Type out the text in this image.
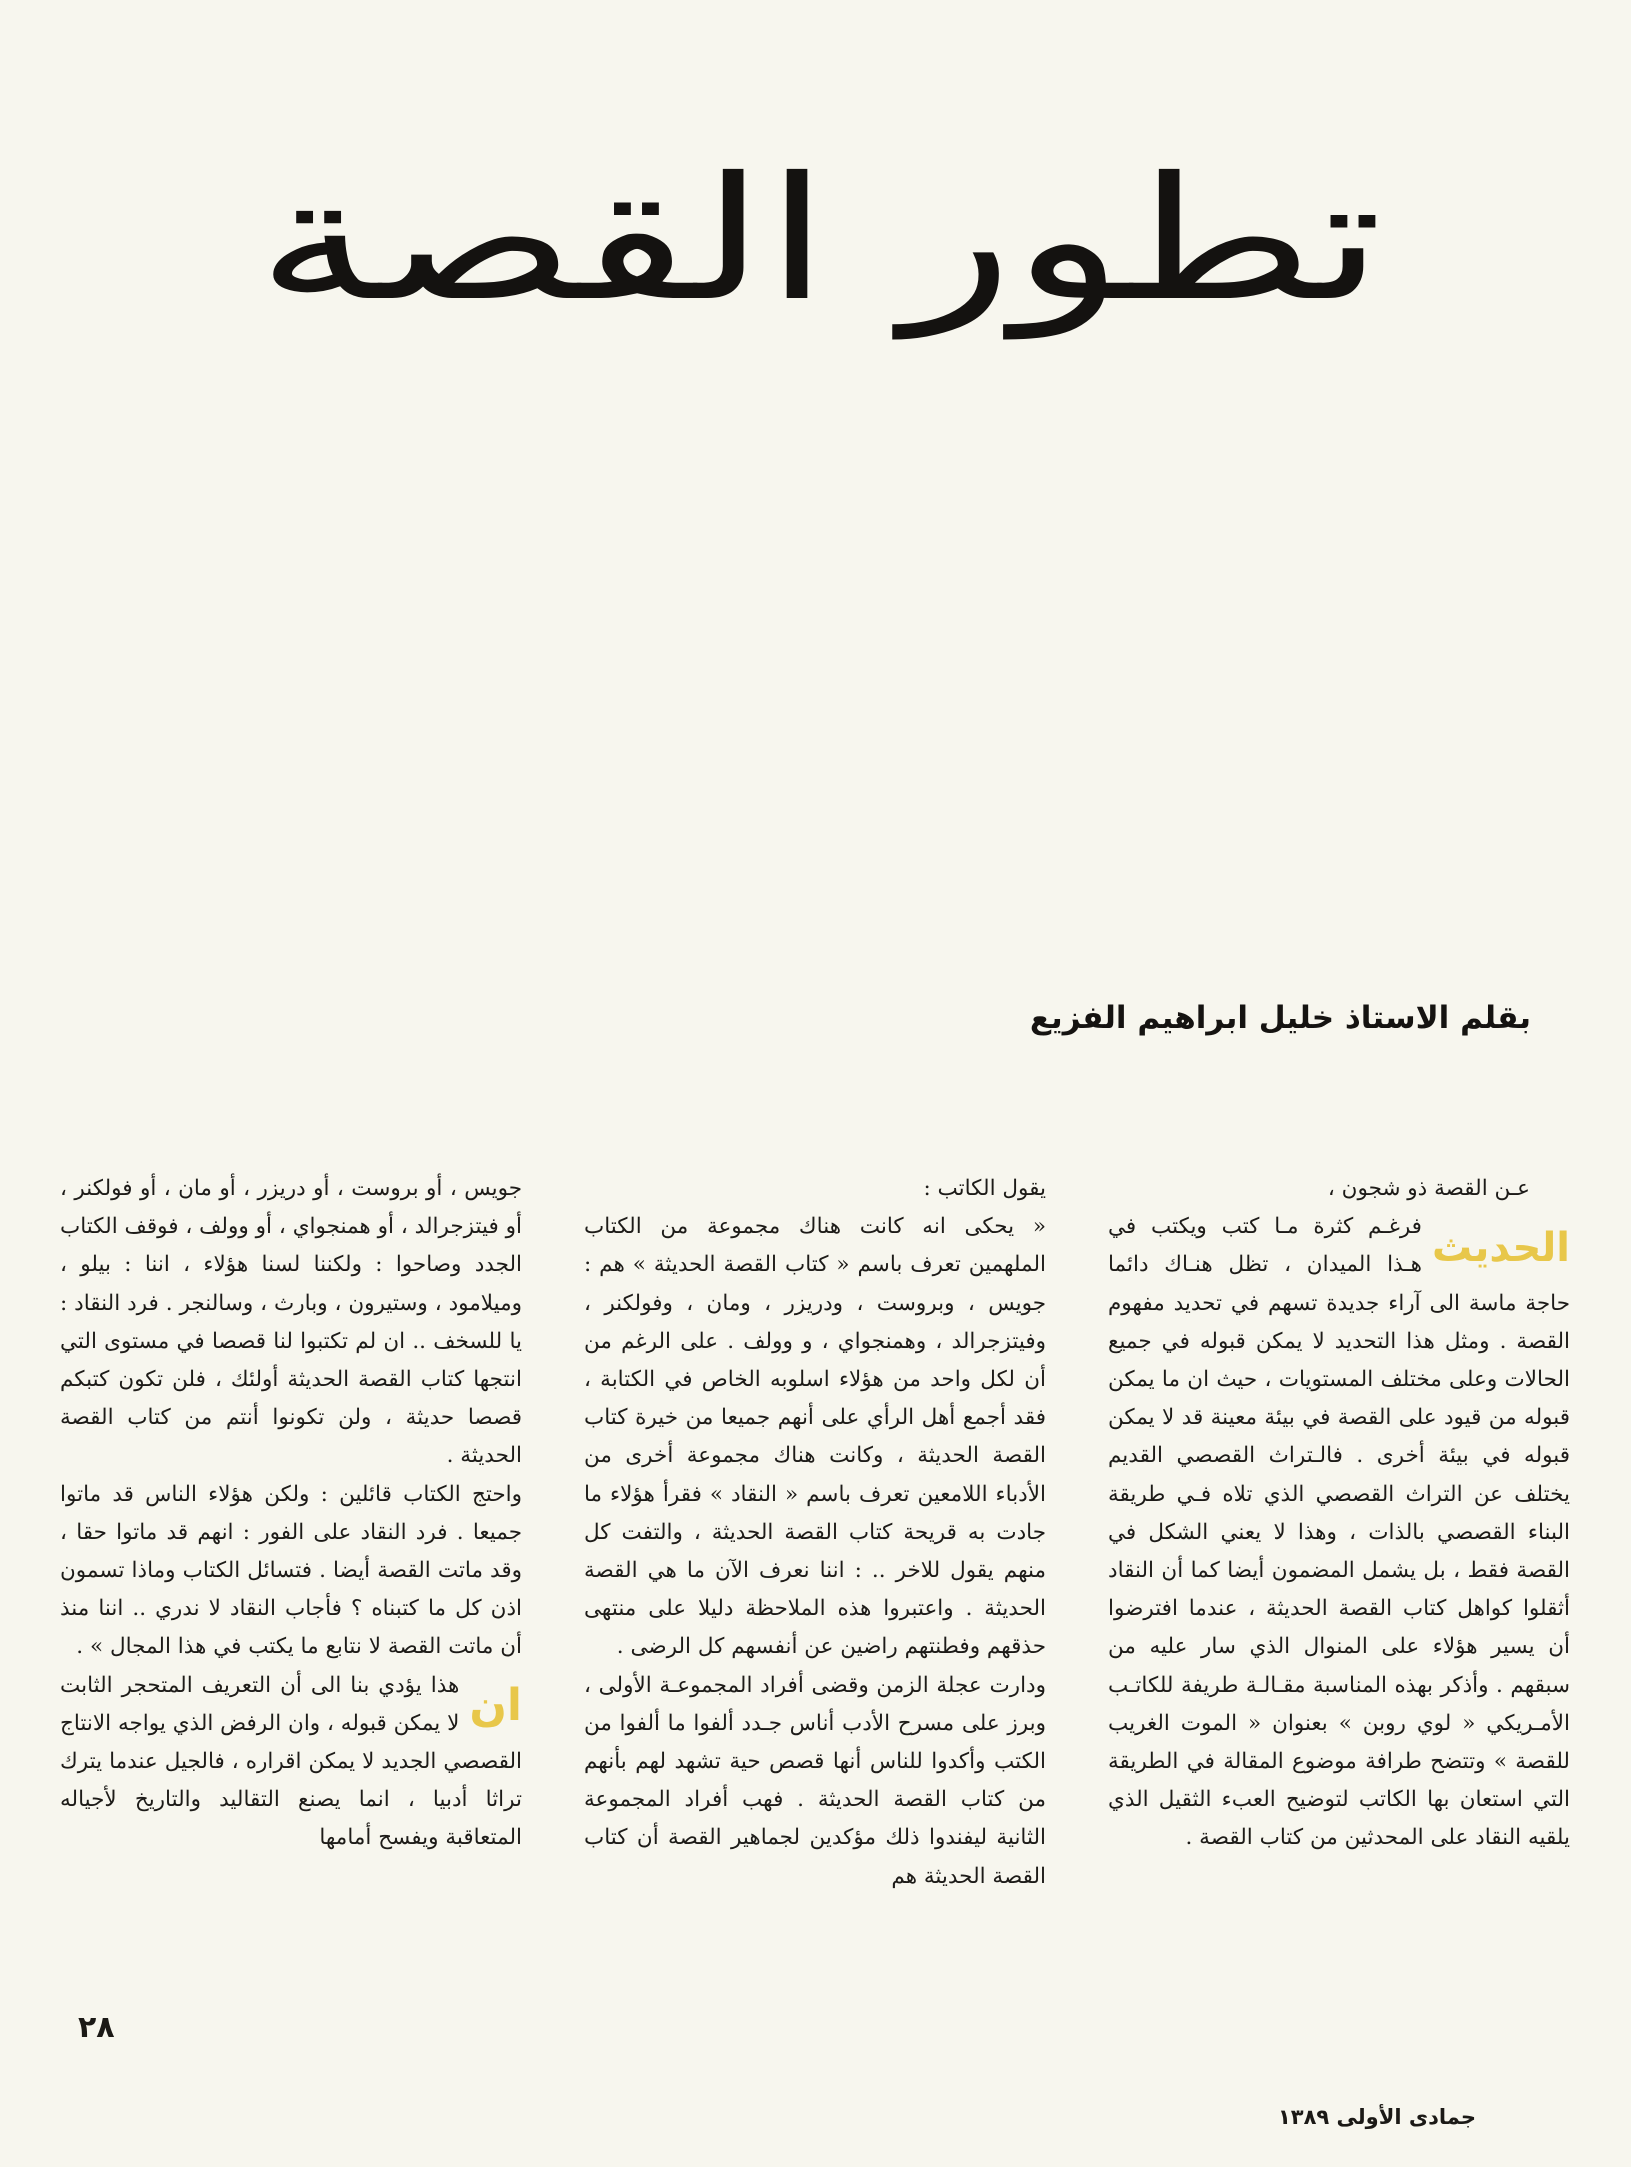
تطور القصة
بقلم الاستاذ خليل ابراهيم الفزيع

عـن القصة ذو شجون ،

الحديث

فرغـم كثرة مـا كتب ويكتب في هـذا الميدان ، تظل هنـاك دائما حاجة ماسة الى آراء جديدة تسهم في تحديد مفهوم القصة . ومثل هذا التحديد لا يمكن قبوله في جميع الحالات وعلى مختلف المستويات ، حيث ان ما يمكن قبوله من قيود على القصة في بيئة معينة قد لا يمكن قبوله في بيئة أخرى . فالـتراث القصصي القديم يختلف عن التراث القصصي الذي تلاه فـي طريقة البناء القصصي بالذات ، وهذا لا يعني الشكل في القصة فقط ، بل يشمل المضمون أيضا كما أن النقاد أثقلوا كواهل كتاب القصة الحديثة ، عندما افترضوا أن يسير هؤلاء على المنوال الذي سار عليه من سبقهم . وأذكر بهذه المناسبة مقـالـة طريفة للكاتـب الأمـريكي « لوي روبن » بعنوان « الموت الغريب للقصة » وتتضح طرافة موضوع المقالة في الطريقة التي استعان بها الكاتب لتوضيح العبء الثقيل الذي يلقيه النقاد على المحدثين من كتاب القصة .

يقول الكاتب :

« يحكى انه كانت هناك مجموعة من الكتاب الملهمين تعرف باسم « كتاب القصة الحديثة » هم : جويس ، وبروست ، ودريزر ، ومان ، وفولكنر ، وفيتزجرالد ، وهمنجواي ، و وولف . على الرغم من أن لكل واحد من هؤلاء اسلوبه الخاص في الكتابة ، فقد أجمع أهل الرأي على أنهم جميعا من خيرة كتاب القصة الحديثة ، وكانت هناك مجموعة أخرى من الأدباء اللامعين تعرف باسم « النقاد » فقرأ هؤلاء ما جادت به قريحة كتاب القصة الحديثة ، والتفت كل منهم يقول للاخر .. : اننا نعرف الآن ما هي القصة الحديثة . واعتبروا هذه الملاحظة دليلا على منتهى حذقهم وفطنتهم راضين عن أنفسهم كل الرضى .

ودارت عجلة الزمن وقضى أفراد المجموعـة الأولى ، وبرز على مسرح الأدب أناس جـدد ألفوا ما ألفوا من الكتب وأكدوا للناس أنها قصص حية تشهد لهم بأنهم من كتاب القصة الحديثة . فهب أفراد المجموعة الثانية ليفندوا ذلك مؤكدين لجماهير القصة أن كتاب القصة الحديثة هم

جويس ، أو بروست ، أو دريزر ، أو مان ، أو فولكنر ، أو فيتزجرالد ، أو همنجواي ، أو وولف ، فوقف الكتاب الجدد وصاحوا : ولكننا لسنا هؤلاء ، اننا : بيلو ، وميلامود ، وستيرون ، وبارث ، وسالنجر . فرد النقاد : يا للسخف .. ان لم تكتبوا لنا قصصا في مستوى التي انتجها كتاب القصة الحديثة أولئك ، فلن تكون كتبكم قصصا حديثة ، ولن تكونوا أنتم من كتاب القصة الحديثة .

واحتج الكتاب قائلين : ولكن هؤلاء الناس قد ماتوا جميعا . فرد النقاد على الفور : انهم قد ماتوا حقا ، وقد ماتت القصة أيضا . فتسائل الكتاب وماذا تسمون اذن كل ما كتبناه ؟ فأجاب النقاد لا ندري .. اننا منذ أن ماتت القصة لا نتابع ما يكتب في هذا المجال » .

ان

هذا يؤدي بنا الى أن التعريف المتحجر الثابت لا يمكن قبوله ، وان الرفض الذي يواجه الانتاج القصصي الجديد لا يمكن اقراره ، فالجيل عندما يترك تراثا أدبيا ، انما يصنع التقاليد والتاريخ لأجياله المتعاقبة ويفسح أمامها

٢٨
جمادى الأولى ١٣٨٩
